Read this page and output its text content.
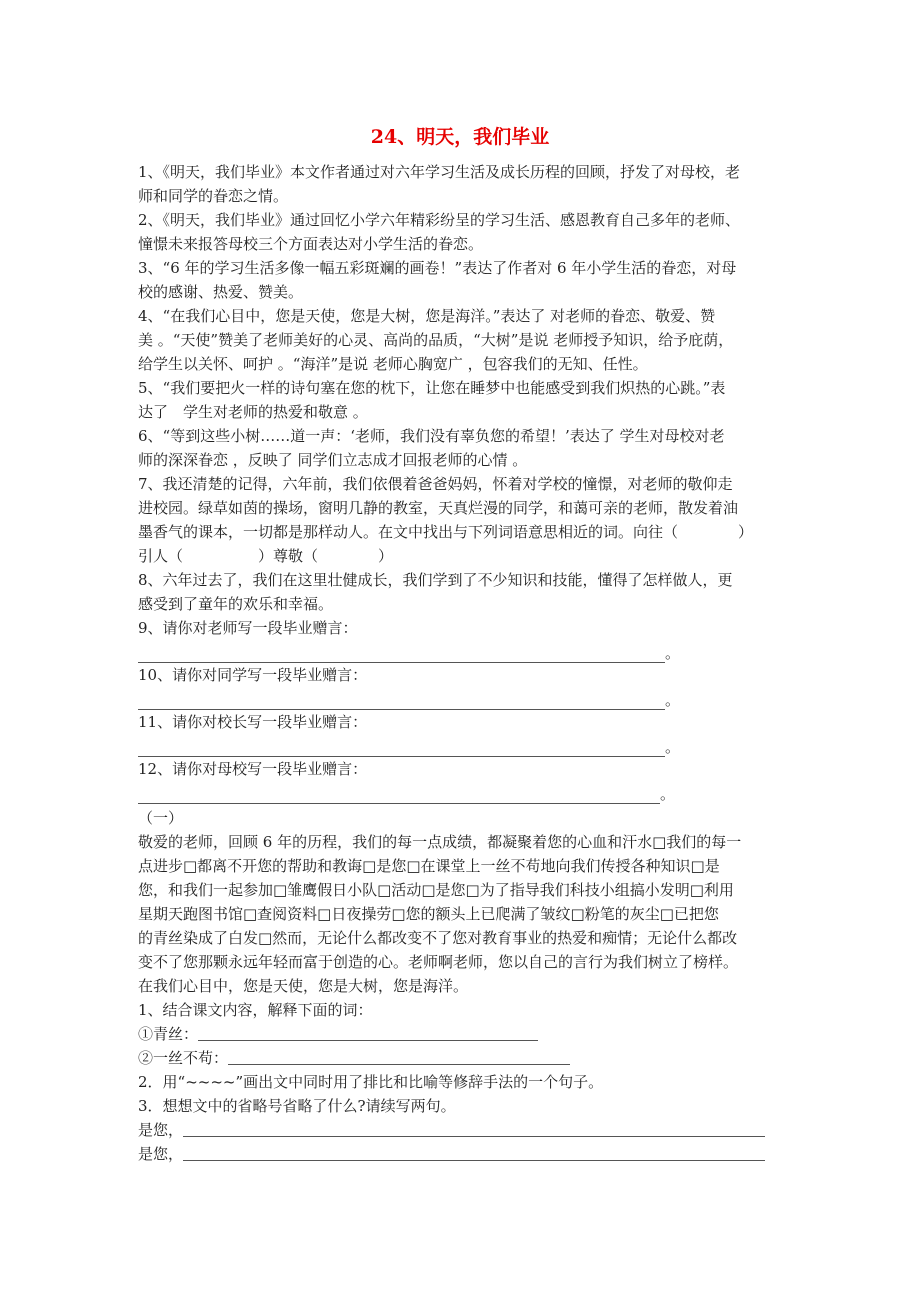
24、明天，我们毕业
1、《明天，我们毕业》本文作者通过对六年学习生活及成长历程的回顾，抒发了对母校，老
师和同学的眷恋之情。
2、《明天，我们毕业》通过回忆小学六年精彩纷呈的学习生活、感恩教育自己多年的老师、
憧憬未来报答母校三个方面表达对小学生活的眷恋。
3、“6 年的学习生活多像一幅五彩斑斓的画卷！”表达了作者对 6 年小学生活的眷恋，对母
校的感谢、热爱、赞美。
4、“在我们心目中，您是天使，您是大树，您是海洋。”表达了 对老师的眷恋、敬爱、赞
美 。“天使”赞美了老师美好的心灵、高尚的品质，“大树”是说 老师授予知识，给予庇荫，
给学生以关怀、呵护 。“海洋”是说 老师心胸宽广 ，包容我们的无知、任性。
5、“我们要把火一样的诗句塞在您的枕下，让您在睡梦中也能感受到我们炽热的心跳。”表
达了　学生对老师的热爱和敬意 。
6、“等到这些小树……道一声：‘老师，我们没有辜负您的希望！’表达了 学生对母校对老
师的深深眷恋 ，反映了 同学们立志成才回报老师的心情 。
7、我还清楚的记得，六年前，我们依偎着爸爸妈妈，怀着对学校的憧憬，对老师的敬仰走
进校园。绿草如茵的操场，窗明几静的教室，天真烂漫的同学，和蔼可亲的老师，散发着油
墨香气的课本，一切都是那样动人。在文中找出与下列词语意思相近的词。向往（　　　　）
引人（　　　　　）尊敬（　　　　）
8、六年过去了，我们在这里壮健成长，我们学到了不少知识和技能，懂得了怎样做人，更
感受到了童年的欢乐和幸福。
9、请你对老师写一段毕业赠言：
。
10、请你对同学写一段毕业赠言：
。
11、请你对校长写一段毕业赠言：
。
12、请你对母校写一段毕业赠言：
。
（一）
敬爱的老师，回顾 6 年的历程，我们的每一点成绩，都凝聚着您的心血和汗水□我们的每一
点进步□都离不开您的帮助和教诲□是您□在课堂上一丝不苟地向我们传授各种知识□是
您，和我们一起参加□雏鹰假日小队□活动□是您□为了指导我们科技小组搞小发明□利用
星期天跑图书馆□查阅资料□日夜操劳□您的额头上已爬满了皱纹□粉笔的灰尘□已把您
的青丝染成了白发□然而，无论什么都改变不了您对教育事业的热爱和痴情；无论什么都改
变不了您那颗永远年轻而富于创造的心。老师啊老师，您以自己的言行为我们树立了榜样。
在我们心目中，您是天使，您是大树，您是海洋。
1、结合课文内容，解释下面的词：
①青丝：
②一丝不苟：
2．用“~~~~”画出文中同时用了排比和比喻等修辞手法的一个句子。
3．想想文中的省略号省略了什么?请续写两句。
是您，
是您，
